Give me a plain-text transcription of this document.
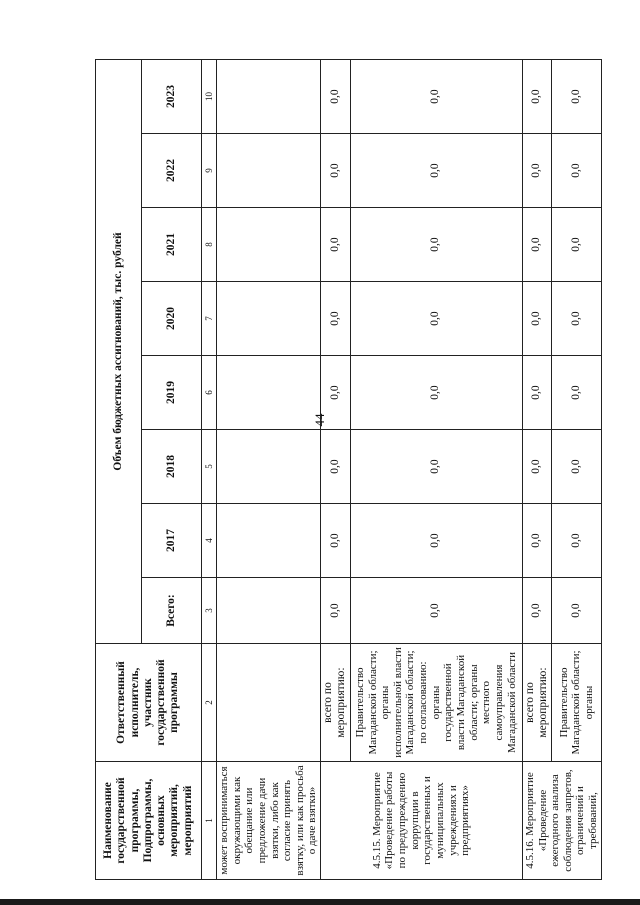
44
Наименование государственной программы, Подпрограммы, основных мероприятий, мероприятий	Ответственный исполнитель, участник государственной программы	Объем бюджетных ассигнований, тыс. рублей							
		Всего:	2017	2018	2019	2020	2021	2022	2023
1	2	3	4	5	6	7	8	9	10
может восприниматься окружающими как обещание или предложение дачи взятки, либо как согласие принять взятку, или как просьба о даче взятки»									
4.5.15. Мероприятие «Проведение работы по предупреждению коррупции в государственных и муниципальных учреждениях и предприятиях»	всего по мероприятию:	0,0	0,0	0,0	0,0	0,0	0,0	0,0	0,0
	Правительство Магаданской области; органы исполнительной власти Магаданской области; по согласованию: органы государственной власти Магаданской области; органы местного самоуправления Магаданской области	0,0	0,0	0,0	0,0	0,0	0,0	0,0	0,0
4.5.16. Мероприятие «Проведение ежегодного анализа соблюдения запретов, ограничений и требований,	всего по мероприятию:	0,0	0,0	0,0	0,0	0,0	0,0	0,0	0,0
	Правительство Магаданской области; органы	0,0	0,0	0,0	0,0	0,0	0,0	0,0	0,0
